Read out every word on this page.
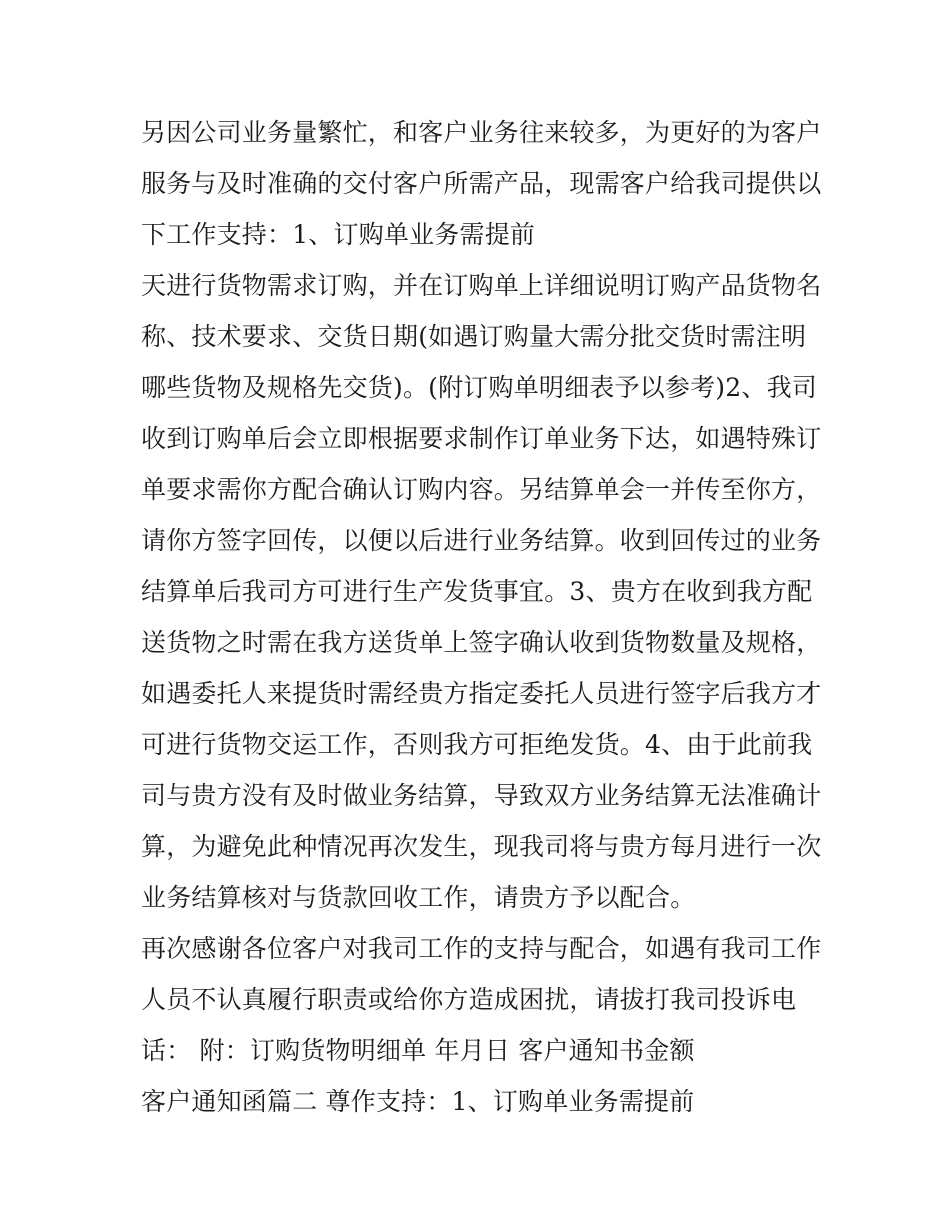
另因公司业务量繁忙，和客户业务往来较多，为更好的为客户
服务与及时准确的交付客户所需产品，现需客户给我司提供以
下工作支持：1、订购单业务需提前
天进行货物需求订购，并在订购单上详细说明订购产品货物名
称、技术要求、交货日期(如遇订购量大需分批交货时需注明
哪些货物及规格先交货)。(附订购单明细表予以参考)2、我司
收到订购单后会立即根据要求制作订单业务下达，如遇特殊订
单要求需你方配合确认订购内容。另结算单会一并传至你方，
请你方签字回传，以便以后进行业务结算。收到回传过的业务
结算单后我司方可进行生产发货事宜。3、贵方在收到我方配
送货物之时需在我方送货单上签字确认收到货物数量及规格，
如遇委托人来提货时需经贵方指定委托人员进行签字后我方才
可进行货物交运工作，否则我方可拒绝发货。4、由于此前我
司与贵方没有及时做业务结算，导致双方业务结算无法准确计
算，为避免此种情况再次发生，现我司将与贵方每月进行一次
业务结算核对与货款回收工作，请贵方予以配合。
再次感谢各位客户对我司工作的支持与配合，如遇有我司工作
人员不认真履行职责或给你方造成困扰，请拔打我司投诉电
话： 附：订购货物明细单 年月日 客户通知书金额
客户通知函篇二 尊作支持：1、订购单业务需提前
